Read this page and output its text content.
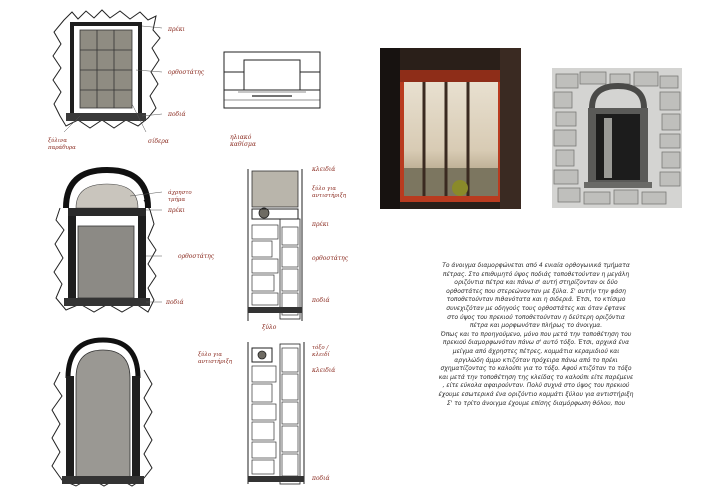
πρέκι
ορθοστάτης
ποδιά
σίδερα
ξύλινα παράθυρα
άχρηστο τμήμα
πρέκι
ορθοστάτης
ποδιά
ηλιακό καθίσμα
κλειδιά
ξύλο για αντιστήριξη
πρέκι
ορθοστάτης
ποδιά
ξύλο
ξύλο για αντιστήριξη
τόξο / κλειδί
κλειδιά
ποδιά

Το άνοιγμα διαμορφώνεται από 4 ενιαία ορθογωνικά τμήματα

πέτρας. Στο επιθυμητό ύψος ποδιάς τοποθετούνταν η μεγάλη

οριζόντια πέτρα και πάνω σ' αυτή στηρίζονταν οι δύο

ορθοστάτες που στερεώνονταν με ξύλα. Σ' αυτήν την φάση

τοποθετούνταν πιθανότατα και η σιδεριά. Έτσι, το κτίσιμο

συνεχιζόταν με οδηγούς τους ορθοστάτες και όταν έφτανε

στο ύψος του πρεκιού τοποθετούνταν η δεύτερη οριζόντια

πέτρα και μορφωνόταν πλήρως το άνοιγμα.

Όπως και το προηγούμενο, μόνο που μετά την τοποθέτηση του

πρεκιού διαμορφωνόταν πάνω σ' αυτό τόξο. Έτσι, αρχικά ένα

μείγμα από άχρηστες πέτρες, κομμάτια κεραμιδιού και

αργιλώδη άμμο κτιζόταν πρόχειρα πάνω από το πρέκι

σχηματίζοντας το καλούπι για το τόξο. Αφού κτιζόταν το τόξο

και μετά την τοποθέτηση της κλείδας το καλούπι είτε παρέμενε

, είτε εύκολα αφαιρούνταν. Πολύ συχνά στο ύψος του πρεκιού

έχουμε εσωτερικά ένα οριζόντιο κομμάτι ξύλου για αντιστήριξη

Σ' το τρίτο άνοιγμα έχουμε επίσης διαμόρφωση θόλου, που
